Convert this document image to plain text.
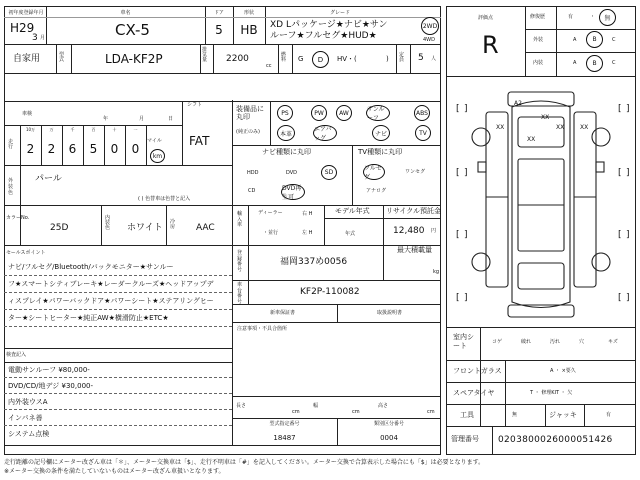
初年度登録年月
H29
3 月
車名
CX-5
ドア
5
形状
HB
グレード
XD Lパッケージ★ナビ★サン
ルーフ★フルセグ★HUD★
2WD
4WD
自家用	型式	LDA-KF2P
排気量	2200
cc
燃料	G D HV・(	) 定員	5 人
車検
年	月	日
シフト
FAT
走行
10万
2
万
2
千
6
百
5
十
0
一
0
マイル
km
外装色
パール
( ) 色替車は色替と記入
カラーNo.
25D
内装色	ホワイト
冷房	AAC
セールスポイント
ナビ/フルセグ/Bluetooth/バックモニター★サンルー
フ★スマートシティブレーキ★レーダークルーズ★ヘッドアップデ
ィスプレイ★パワーバックドア★パワーシート★ステアリングヒー
ター★シートヒーター★純正AW★横滑防止★ETC★
検査記入
電動サンルーフ ¥80,000-
DVD/CD/地デジ ¥30,000-
内外装ウスA
インパネ善
システム点検
装備品に丸印
(純正のみ)
PS	PW	AW	サンルーフ
ABS
本革
エアバッグ
ナビ	TV
ナビ種類に丸印	TV種類に丸印
HDD	DVD	SD
CD	DVD再生可
フルセグ
ワンセグ
アナログ
輸入車
ディーラー
・並行
右 H
左 H
モデル年式
年式
リサイクル預託金
12,480 円
登録番号
福岡337め0056
最大積載量
kg
車台番号
KF2P-110082
新車保証書	取扱説明書
注意事項・不具合箇所
長さ
cm
幅
cm
高さ
cm
型式指定番号
18487
類別区分番号
0004
評価点
R
修復歴	有	・ 無
外装	A	B	C
内装	A	B	C
A2
XX
XX
XX	XX
XX
[ ]	[ ]
[ ]	[ ]
[ ]	[ ]
[ ]	[ ]
室内シート
コゲ	破れ	汚れ	穴	キズ
フロントガラス	A ・ ×要久
スペアタイヤ	T ・ 修理KIT ・ 欠
工具	無	ジャッキ	有
管理番号 0203800026000051426
走行距離の記号欄にメーター改ざん車は「＊」、メーター交換車は「$」、走行不明車は「#」を記入してください。メーター交換で合算表示した場合にも「$」は必要となります。
※メーター交換の条件を満たしていないものはメーター改ざん車扱いとなります。
